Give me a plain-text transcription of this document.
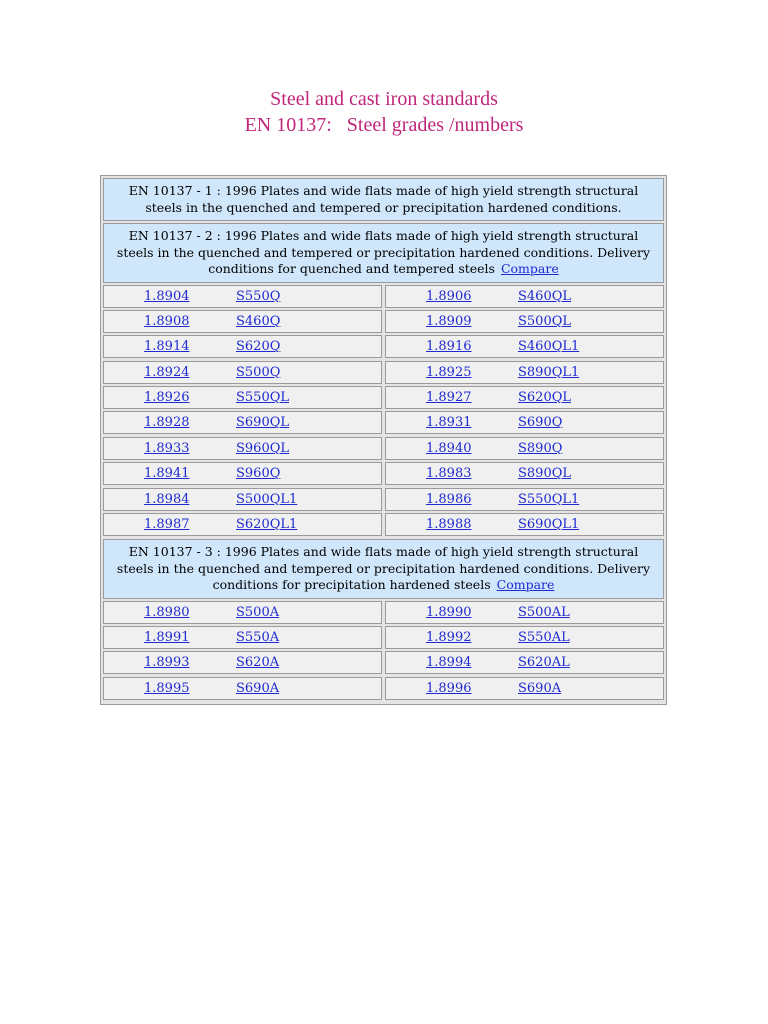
Steel and cast iron standards
EN 10137:   Steel grades /numbers
EN 10137 - 1 : 1996 Plates and wide flats made of high yield strength structural steels in the quenched and tempered or precipitation hardened conditions.
EN 10137 - 2 : 1996 Plates and wide flats made of high yield strength structural steels in the quenched and tempered or precipitation hardened conditions. Delivery conditions for quenched and tempered steels Compare
1.8904	S550Q	1.8906	S460QL
1.8908	S460Q	1.8909	S500QL
1.8914	S620Q	1.8916	S460QL1
1.8924	S500Q	1.8925	S890QL1
1.8926	S550QL	1.8927	S620QL
1.8928	S690QL	1.8931	S690Q
1.8933	S960QL	1.8940	S890Q
1.8941	S960Q	1.8983	S890QL
1.8984	S500QL1	1.8986	S550QL1
1.8987	S620QL1	1.8988	S690QL1
EN 10137 - 3 : 1996 Plates and wide flats made of high yield strength structural steels in the quenched and tempered or precipitation hardened conditions. Delivery conditions for precipitation hardened steels Compare
1.8980	S500A	1.8990	S500AL
1.8991	S550A	1.8992	S550AL
1.8993	S620A	1.8994	S620AL
1.8995	S690A	1.8996	S690A
